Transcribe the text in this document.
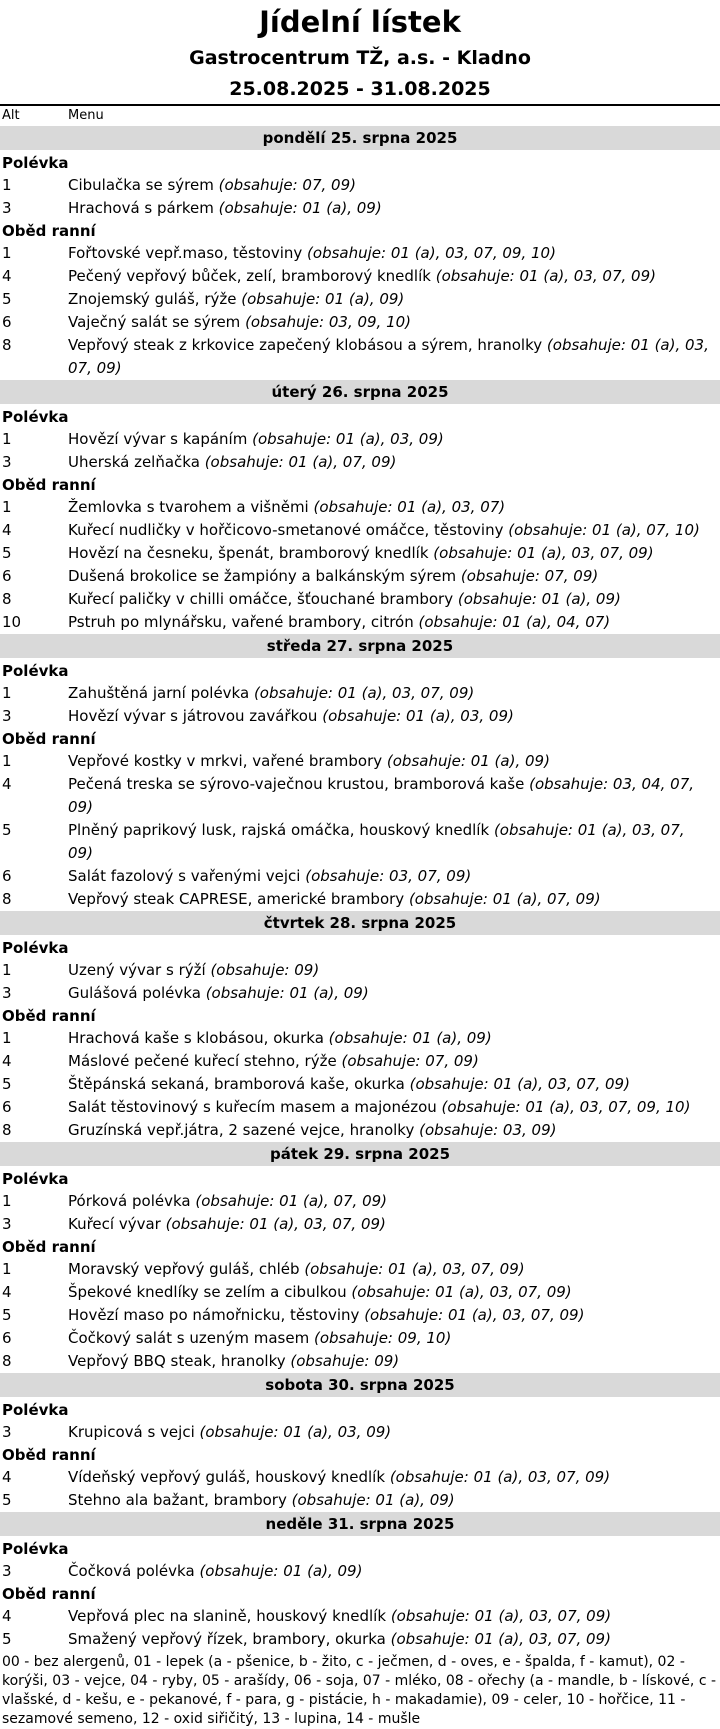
Jídelní lístek
Gastrocentrum TŽ, a.s. - Kladno
25.08.2025 - 31.08.2025
Alt	Menu
pondělí 25. srpna 2025
Polévka
1	Cibulačka se sýrem (obsahuje: 07, 09)
3	Hrachová s párkem (obsahuje: 01 (a), 09)
Oběd ranní
1	Fořtovské vepř.maso, těstoviny (obsahuje: 01 (a), 03, 07, 09, 10)
4	Pečený vepřový bůček, zelí, bramborový knedlík (obsahuje: 01 (a), 03, 07, 09)
5	Znojemský guláš, rýže (obsahuje: 01 (a), 09)
6	Vaječný salát se sýrem (obsahuje: 03, 09, 10)
8	Vepřový steak z krkovice zapečený klobásou a sýrem, hranolky (obsahuje: 01 (a), 03, 07, 09)
úterý 26. srpna 2025
Polévka
1	Hovězí vývar s kapáním (obsahuje: 01 (a), 03, 09)
3	Uherská zelňačka (obsahuje: 01 (a), 07, 09)
Oběd ranní
1	Žemlovka s tvarohem a višněmi (obsahuje: 01 (a), 03, 07)
4	Kuřecí nudličky v hořčicovo-smetanové omáčce, těstoviny (obsahuje: 01 (a), 07, 10)
5	Hovězí na česneku, špenát, bramborový knedlík (obsahuje: 01 (a), 03, 07, 09)
6	Dušená brokolice se žampióny a balkánským sýrem (obsahuje: 07, 09)
8	Kuřecí paličky v chilli omáčce, šťouchané brambory (obsahuje: 01 (a), 09)
10	Pstruh po mlynářsku, vařené brambory, citrón (obsahuje: 01 (a), 04, 07)
středa 27. srpna 2025
Polévka
1	Zahuštěná jarní polévka (obsahuje: 01 (a), 03, 07, 09)
3	Hovězí vývar s játrovou zavářkou (obsahuje: 01 (a), 03, 09)
Oběd ranní
1	Vepřové kostky v mrkvi, vařené brambory (obsahuje: 01 (a), 09)
4	Pečená treska se sýrovo-vaječnou krustou, bramborová kaše (obsahuje: 03, 04, 07, 09)
5	Plněný paprikový lusk, rajská omáčka, houskový knedlík (obsahuje: 01 (a), 03, 07, 09)
6	Salát fazolový s vařenými vejci (obsahuje: 03, 07, 09)
8	Vepřový steak CAPRESE, americké brambory (obsahuje: 01 (a), 07, 09)
čtvrtek 28. srpna 2025
Polévka
1	Uzený vývar s rýží (obsahuje: 09)
3	Gulášová polévka (obsahuje: 01 (a), 09)
Oběd ranní
1	Hrachová kaše s klobásou, okurka (obsahuje: 01 (a), 09)
4	Máslové pečené kuřecí stehno, rýže (obsahuje: 07, 09)
5	Štěpánská sekaná, bramborová kaše, okurka (obsahuje: 01 (a), 03, 07, 09)
6	Salát těstovinový s kuřecím masem a majonézou (obsahuje: 01 (a), 03, 07, 09, 10)
8	Gruzínská vepř.játra, 2 sazené vejce, hranolky (obsahuje: 03, 09)
pátek 29. srpna 2025
Polévka
1	Pórková polévka (obsahuje: 01 (a), 07, 09)
3	Kuřecí vývar (obsahuje: 01 (a), 03, 07, 09)
Oběd ranní
1	Moravský vepřový guláš, chléb (obsahuje: 01 (a), 03, 07, 09)
4	Špekové knedlíky se zelím a cibulkou (obsahuje: 01 (a), 03, 07, 09)
5	Hovězí maso po námořnicku, těstoviny (obsahuje: 01 (a), 03, 07, 09)
6	Čočkový salát s uzeným masem (obsahuje: 09, 10)
8	Vepřový BBQ steak, hranolky (obsahuje: 09)
sobota 30. srpna 2025
Polévka
3	Krupicová s vejci (obsahuje: 01 (a), 03, 09)
Oběd ranní
4	Vídeňský vepřový guláš, houskový knedlík (obsahuje: 01 (a), 03, 07, 09)
5	Stehno ala bažant, brambory (obsahuje: 01 (a), 09)
neděle 31. srpna 2025
Polévka
3	Čočková polévka (obsahuje: 01 (a), 09)
Oběd ranní
4	Vepřová plec na slanině, houskový knedlík (obsahuje: 01 (a), 03, 07, 09)
5	Smažený vepřový řízek, brambory, okurka (obsahuje: 01 (a), 03, 07, 09)
00 - bez alergenů, 01 - lepek (a - pšenice, b - žito, c - ječmen, d - oves, e - špalda, f - kamut), 02 - korýši, 03 - vejce, 04 - ryby, 05 - arašídy, 06 - soja, 07 - mléko, 08 - ořechy (a - mandle, b - lískové, c - vlašské, d - kešu, e - pekanové, f - para, g - pistácie, h - makadamie), 09 - celer, 10 - hořčice, 11 - sezamové semeno, 12 - oxid siřičitý, 13 - lupina, 14 - mušle
